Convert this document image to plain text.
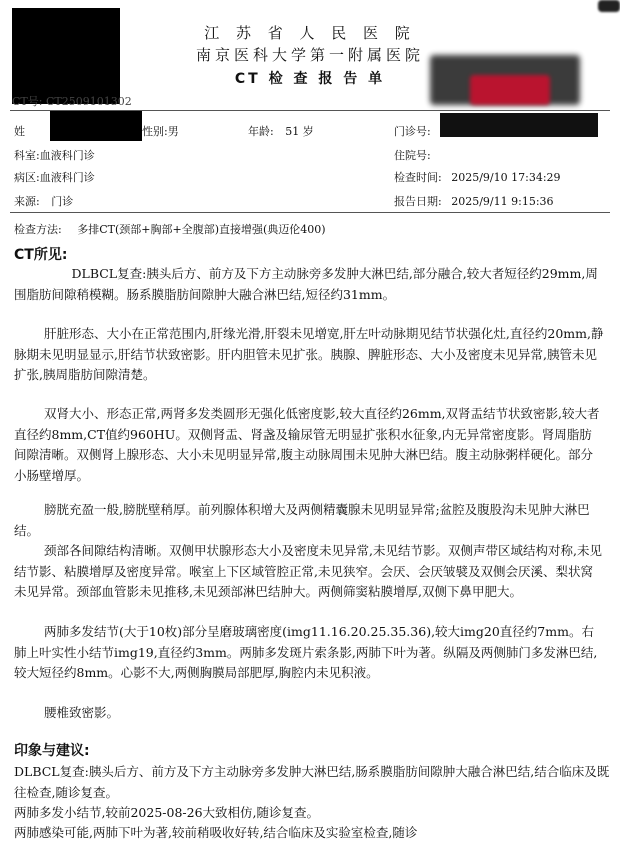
江 苏 省 人 民 医 院
南京医科大学第一附属医院
CT 检 查 报 告 单
CT号: CT2509101302
姓	性别:男	年龄: 51 岁	门诊号:
科室:血液科门诊	住院号:
病区:血液科门诊	检查时间: 2025/9/10 17:34:29
来源: 门诊	报告日期: 2025/9/11 9:15:36
检查方法: 多排CT(颈部+胸部+全腹部)直接增强(典迈伦400)
CT所见:
DLBCL复查:胰头后方、前方及下方主动脉旁多发肿大淋巴结,部分融合,较大者短径约29mm,周围脂肪间隙稍模糊。肠系膜脂肪间隙肿大融合淋巴结,短径约31mm。
肝脏形态、大小在正常范围内,肝缘光滑,肝裂未见增宽,肝左叶动脉期见结节状强化灶,直径约20mm,静脉期未见明显显示,肝结节状致密影。肝内胆管未见扩张。胰腺、脾脏形态、大小及密度未见异常,胰管未见扩张,胰周脂肪间隙清楚。
双肾大小、形态正常,两肾多发类圆形无强化低密度影,较大直径约26mm,双肾盂结节状致密影,较大者直径约8mm,CT值约960HU。双侧肾盂、肾盏及输尿管无明显扩张积水征象,内无异常密度影。肾周脂肪间隙清晰。双侧肾上腺形态、大小未见明显异常,腹主动脉周围未见肿大淋巴结。腹主动脉粥样硬化。部分小肠壁增厚。
膀胱充盈一般,膀胱壁稍厚。前列腺体积增大及两侧精囊腺未见明显异常;盆腔及腹股沟未见肿大淋巴结。
颈部各间隙结构清晰。双侧甲状腺形态大小及密度未见异常,未见结节影。双侧声带区域结构对称,未见结节影、粘膜增厚及密度异常。喉室上下区域管腔正常,未见狭窄。会厌、会厌皱襞及双侧会厌溪、梨状窝未见异常。颈部血管影未见推移,未见颈部淋巴结肿大。两侧筛窦粘膜增厚,双侧下鼻甲肥大。
两肺多发结节(大于10枚)部分呈磨玻璃密度(img11.16.20.25.35.36),较大img20直径约7mm。右肺上叶实性小结节img19,直径约3mm。两肺多发斑片索条影,两肺下叶为著。纵隔及两侧肺门多发淋巴结,较大短径约8mm。心影不大,两侧胸膜局部肥厚,胸腔内未见积液。
腰椎致密影。
印象与建议:
DLBCL复查:胰头后方、前方及下方主动脉旁多发肿大淋巴结,肠系膜脂肪间隙肿大融合淋巴结,结合临床及既往检查,随诊复查。
两肺多发小结节,较前2025-08-26大致相仿,随诊复查。
两肺感染可能,两肺下叶为著,较前稍吸收好转,结合临床及实验室检查,随诊
